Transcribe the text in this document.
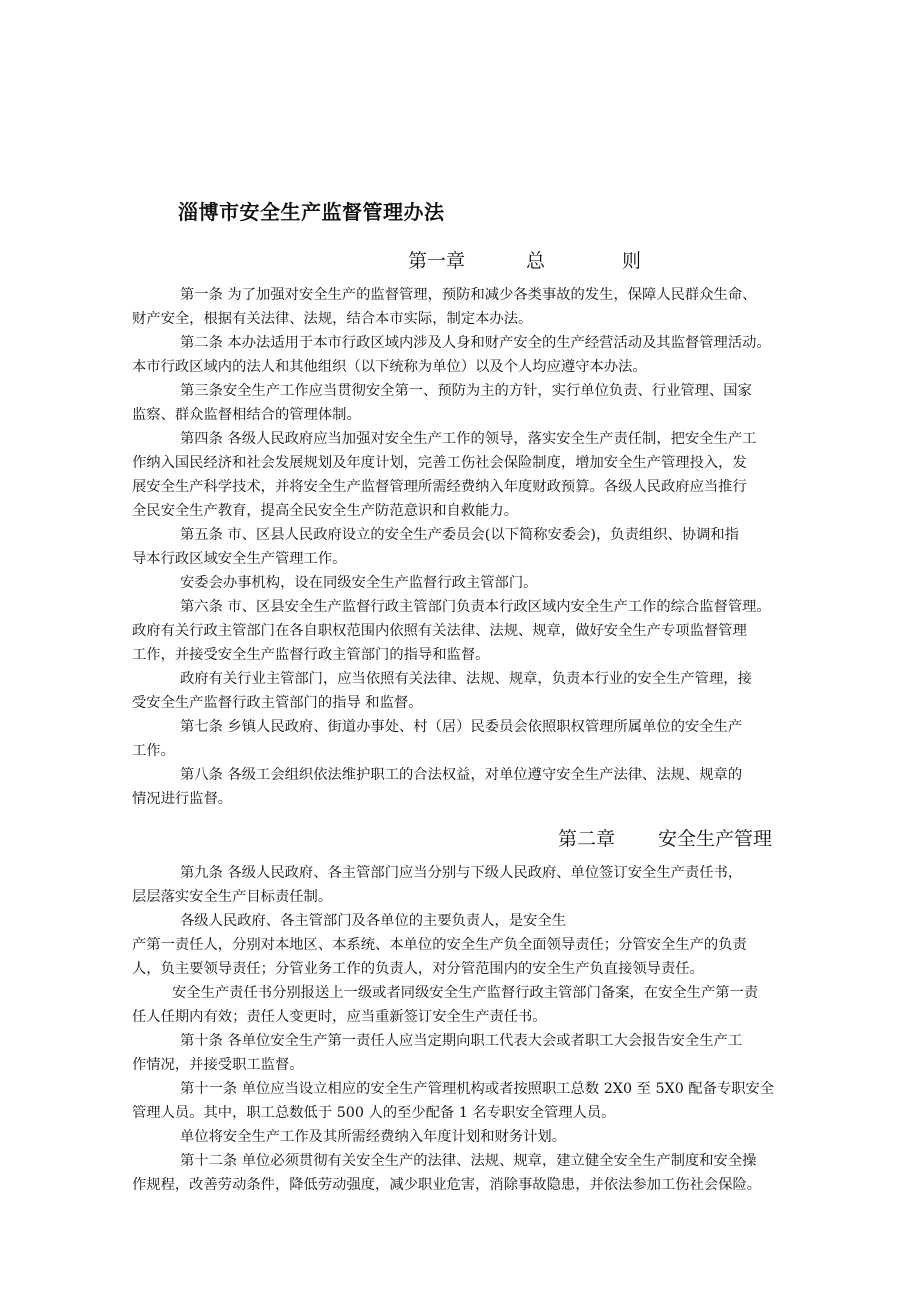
淄博市安全生产监督管理办法
第一章	总	则
第一条 为了加强对安全生产的监督管理，预防和减少各类事故的发生，保障人民群众生命、
财产安全，根据有关法律、法规，结合本市实际，制定本办法。
第二条 本办法适用于本市行政区域内涉及人身和财产安全的生产经营活动及其监督管理活动。
本市行政区域内的法人和其他组织（以下统称为单位）以及个人均应遵守本办法。
第三条安全生产工作应当贯彻安全第一、预防为主的方针，实行单位负责、行业管理、国家
监察、群众监督相结合的管理体制。
第四条 各级人民政府应当加强对安全生产工作的领导，落实安全生产责任制，把安全生产工
作纳入国民经济和社会发展规划及年度计划，完善工伤社会保险制度，增加安全生产管理投入，发
展安全生产科学技术，并将安全生产监督管理所需经费纳入年度财政预算。各级人民政府应当推行
全民安全生产教育，提高全民安全生产防范意识和自救能力。
第五条 市、区县人民政府设立的安全生产委员会(以下简称安委会)，负责组织、协调和指
导本行政区域安全生产管理工作。
安委会办事机构，设在同级安全生产监督行政主管部门。
第六条 市、区县安全生产监督行政主管部门负责本行政区域内安全生产工作的综合监督管理。
政府有关行政主管部门在各自职权范围内依照有关法律、法规、规章，做好安全生产专项监督管理
工作，并接受安全生产监督行政主管部门的指导和监督。
政府有关行业主管部门，应当依照有关法律、法规、规章，负责本行业的安全生产管理，接
受安全生产监督行政主管部门的指导 和监督。
第七条 乡镇人民政府、街道办事处、村（居）民委员会依照职权管理所属单位的安全生产
工作。
第八条 各级工会组织依法维护职工的合法权益，对单位遵守安全生产法律、法规、规章的
情况进行监督。
第二章 安全生产管理
第九条 各级人民政府、各主管部门应当分别与下级人民政府、单位签订安全生产责任书，
层层落实安全生产目标责任制。
各级人民政府、各主管部门及各单位的主要负责人，是安全生
产第一责任人，分别对本地区、本系统、本单位的安全生产负全面领导责任；分管安全生产的负责
人，负主要领导责任；分管业务工作的负责人，对分管范围内的安全生产负直接领导责任。
安全生产责任书分别报送上一级或者同级安全生产监督行政主管部门备案，在安全生产第一责
任人任期内有效；责任人变更时，应当重新签订安全生产责任书。
第十条 各单位安全生产第一责任人应当定期向职工代表大会或者职工大会报告安全生产工
作情况，并接受职工监督。
第十一条 单位应当设立相应的安全生产管理机构或者按照职工总数 2X0 至 5X0 配备专职安全
管理人员。其中，职工总数低于 500 人的至少配备 1 名专职安全管理人员。
单位将安全生产工作及其所需经费纳入年度计划和财务计划。
第十二条 单位必须贯彻有关安全生产的法律、法规、规章，建立健全安全生产制度和安全操
作规程，改善劳动条件，降低劳动强度，减少职业危害，消除事故隐患，并依法参加工伤社会保险。
